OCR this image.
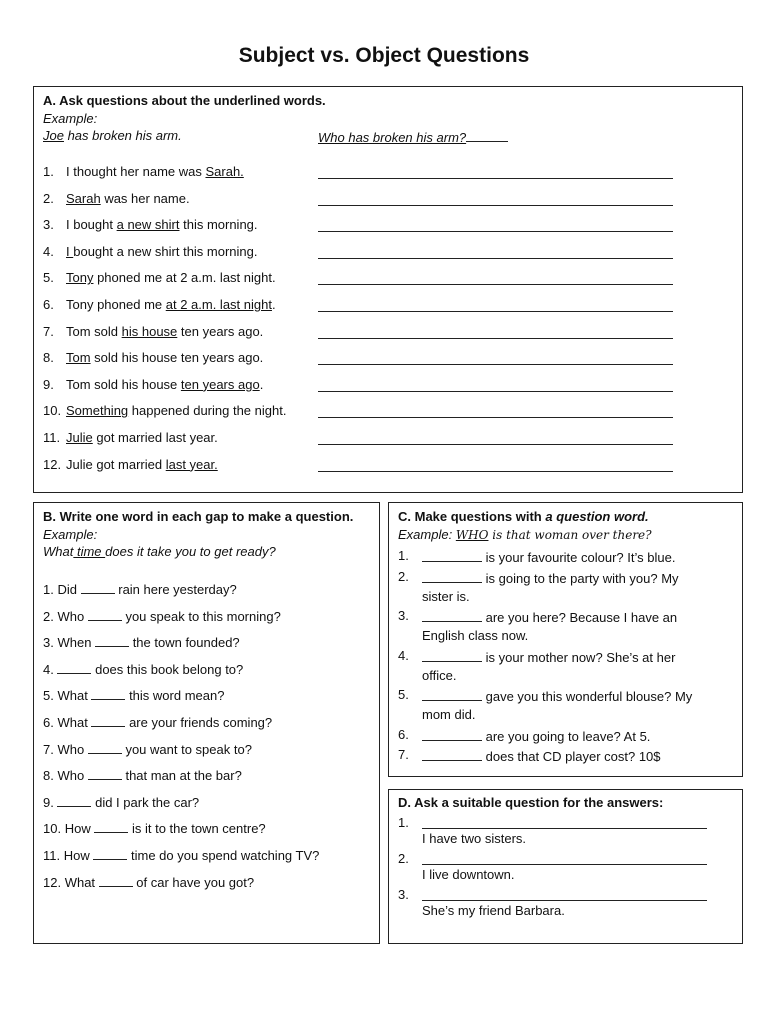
Subject vs. Object Questions
A. Ask questions about the underlined words.
Example:
Joe has broken his arm.	Who has broken his arm?
1. I thought her name was Sarah.
2. Sarah was her name.
3. I bought a new shirt this morning.
4. I bought a new shirt this morning.
5. Tony phoned me at 2 a.m. last night.
6. Tony phoned me at 2 a.m. last night.
7. Tom sold his house ten years ago.
8. Tom sold his house ten years ago.
9. Tom sold his house ten years ago.
10. Something happened during the night.
11. Julie got married last year.
12. Julie got married last year.
B. Write one word in each gap to make a question.
Example:
What time does it take you to get ready?
1. Did	rain here yesterday?
2. Who	you speak to this morning?
3. When	the town founded?
4.	does this book belong to?
5. What	this word mean?
6. What	are your friends coming?
7. Who	you want to speak to?
8. Who	that man at the bar?
9.	did I park the car?
10. How	is it to the town centre?
11. How	time do you spend watching TV?
12. What	of car have you got?
C. Make questions with a question word.
Example: WHO is that woman over there?
1.	is your favourite colour? It’s blue.
2.	is going to the party with you? My
sister is.
3.	are you here? Because I have an
English class now.
4.	is your mother now? She’s at her
office.
5.	gave you this wonderful blouse? My
mom did.
6.	are you going to leave? At 5.
7.	does that CD player cost? 10$
D. Ask a suitable question for the answers:
1.
I have two sisters.
2.
I live downtown.
3.
She’s my friend Barbara.
